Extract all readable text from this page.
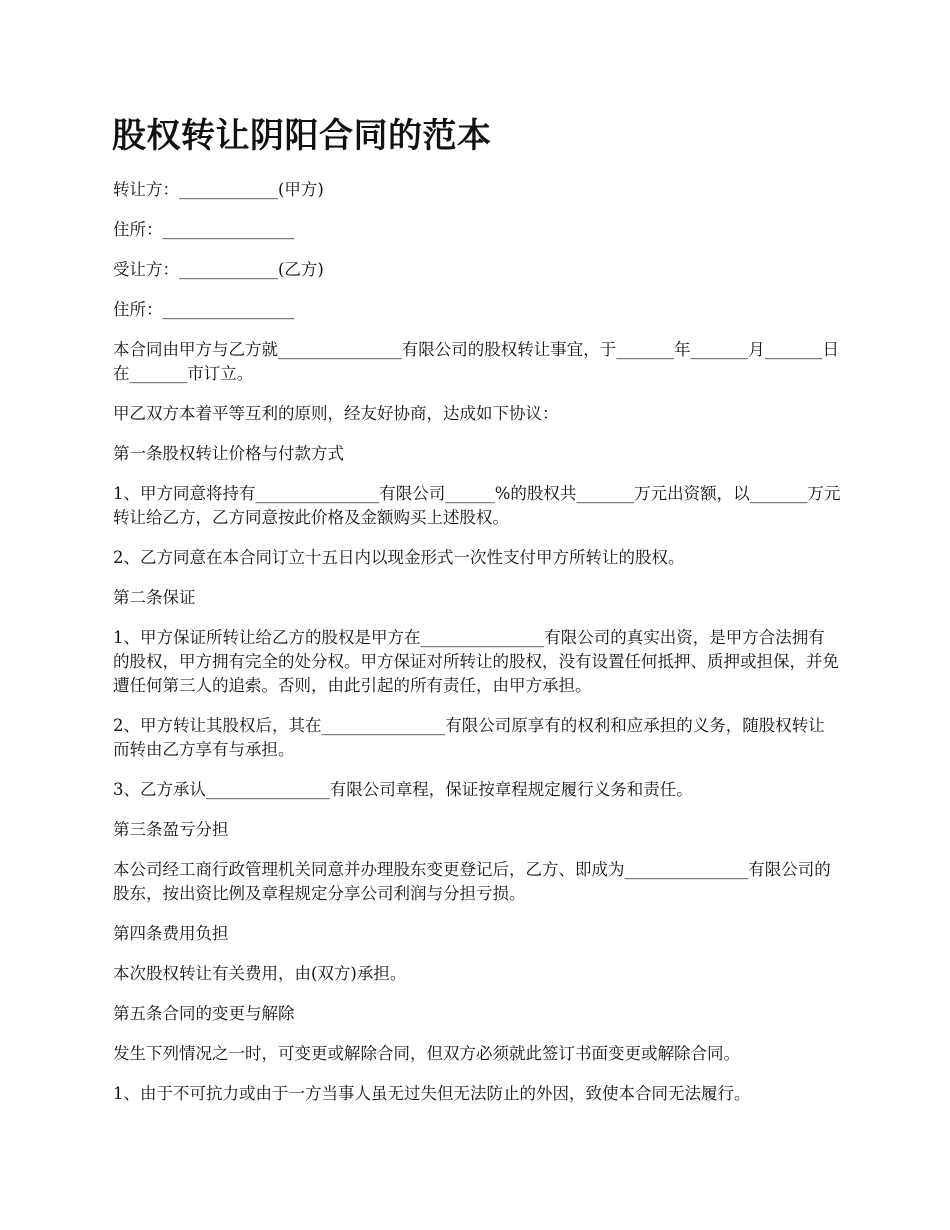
股权转让阴阳合同的范本

转让方：____________(甲方)

住所：________________

受让方：____________(乙方)

住所：________________

本合同由甲方与乙方就_______________有限公司的股权转让事宜，于_______年_______月_______日在_______市订立。

甲乙双方本着平等互利的原则，经友好协商，达成如下协议：

第一条股权转让价格与付款方式

1、甲方同意将持有_______________有限公司______%的股权共_______万元出资额，以_______万元转让给乙方，乙方同意按此价格及金额购买上述股权。

2、乙方同意在本合同订立十五日内以现金形式一次性支付甲方所转让的股权。

第二条保证

1、甲方保证所转让给乙方的股权是甲方在_______________有限公司的真实出资，是甲方合法拥有的股权，甲方拥有完全的处分权。甲方保证对所转让的股权，没有设置任何抵押、质押或担保，并免遭任何第三人的追索。否则，由此引起的所有责任，由甲方承担。

2、甲方转让其股权后，其在_______________有限公司原享有的权利和应承担的义务，随股权转让而转由乙方享有与承担。

3、乙方承认_______________有限公司章程，保证按章程规定履行义务和责任。

第三条盈亏分担

本公司经工商行政管理机关同意并办理股东变更登记后，乙方、即成为_______________有限公司的股东，按出资比例及章程规定分享公司利润与分担亏损。

第四条费用负担

本次股权转让有关费用，由(双方)承担。

第五条合同的变更与解除

发生下列情况之一时，可变更或解除合同，但双方必须就此签订书面变更或解除合同。

1、由于不可抗力或由于一方当事人虽无过失但无法防止的外因，致使本合同无法履行。
